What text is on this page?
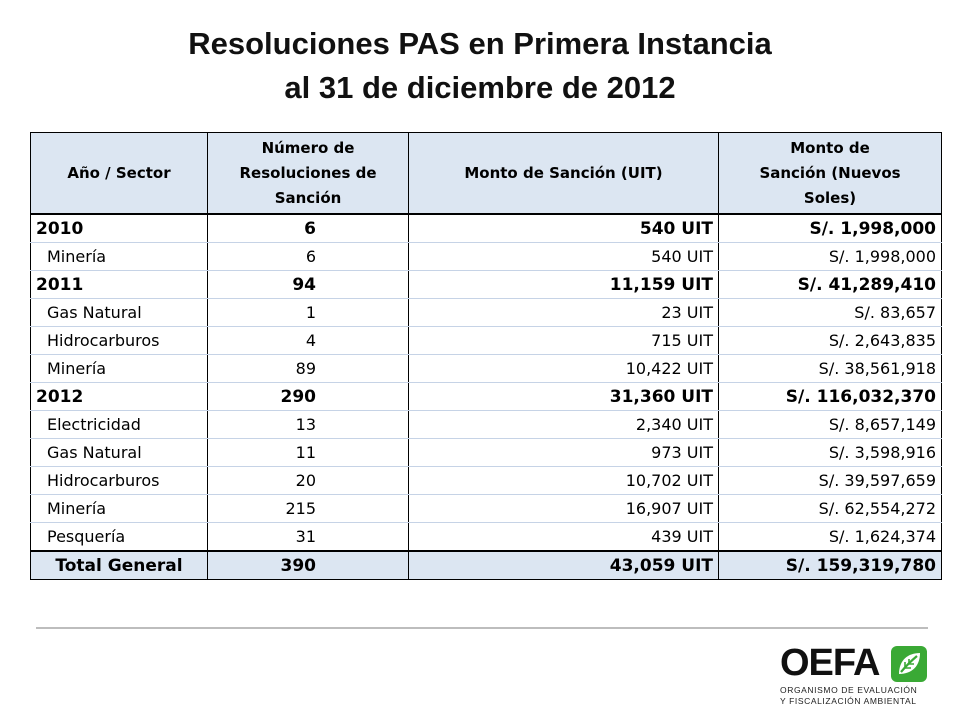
Resoluciones PAS en Primera Instancia
al 31 de diciembre de 2012
Año / Sector	Número de Resoluciones de Sanción	Monto de Sanción (UIT)	Monto de Sanción (Nuevos Soles)
2010	6	540 UIT	S/. 1,998,000
Minería	6	540 UIT	S/. 1,998,000
2011	94	11,159 UIT	S/. 41,289,410
Gas Natural	1	23 UIT	S/. 83,657
Hidrocarburos	4	715 UIT	S/. 2,643,835
Minería	89	10,422 UIT	S/. 38,561,918
2012	290	31,360 UIT	S/. 116,032,370
Electricidad	13	2,340 UIT	S/. 8,657,149
Gas Natural	11	973 UIT	S/. 3,598,916
Hidrocarburos	20	10,702 UIT	S/. 39,597,659
Minería	215	16,907 UIT	S/. 62,554,272
Pesquería	31	439 UIT	S/. 1,624,374
Total General	390	43,059 UIT	S/. 159,319,780
OEFA
ORGANISMO DE EVALUACIÓN
Y FISCALIZACIÓN AMBIENTAL
